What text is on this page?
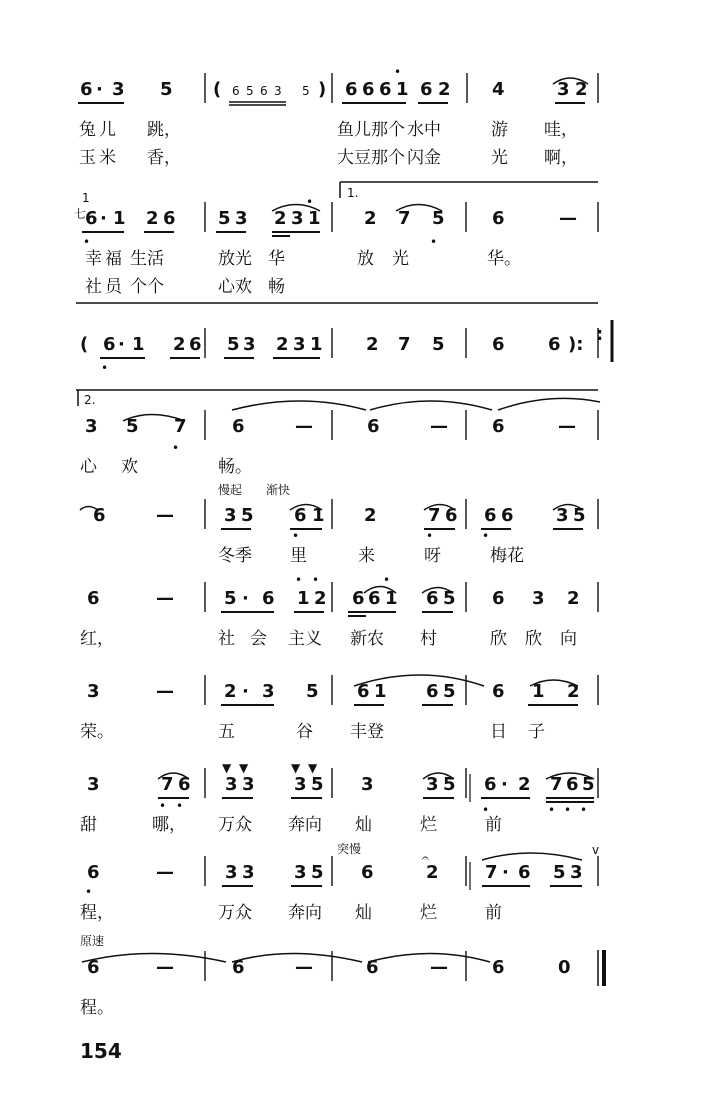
6 · 3 5 ( 6 5 6 3 5 ) 6 6 6 1 6 2 4	3 2
兔 儿 跳，	鱼儿那个 水中	游 哇，
玉 米 香，	大豆那个 闪金	光 啊，
6 · 1 2 6 5 3 2 3 1 2 7 5	6	—
幸 福 生活	放光 华	放 光	华。
社 员 个个	心欢 畅
( 6 · 1 2 6 5 3 2 3 1 2 7 5	6 6 ):
3 5 7	6	—	6	— 6	—
心 欢	畅。
6	—	3 5 6 1 2	7 6 6 6 3 5
冬季 里	来	呀	梅花
6	—	5 · 6 1 2 6 6 1 6 5 6 3 2
红，	社 会 主义 新农 村	欣 欣 向
3	—	2 · 3 5 6 1 6 5 6 1 2
荣。	五	谷 丰登	日 子
3	7 6 3 3 3 5 3	3 5 6 · 2 7 6 5
甜	哪， 万众 奔向 灿	烂	前
6	—	3 3 3 5 6	2	7 · 6 5 3
程，	万众 奔向 灿	烂	前
6	—	6	—	6	— 6	0
程。
慢起 渐快
突慢
原速
•
•
•
•
•
•
•	•	•
• •	•
• •	•	• • •
•
▼ ▼	▼ ▼
𝄐
v
1.
2.
1
七
:
154
